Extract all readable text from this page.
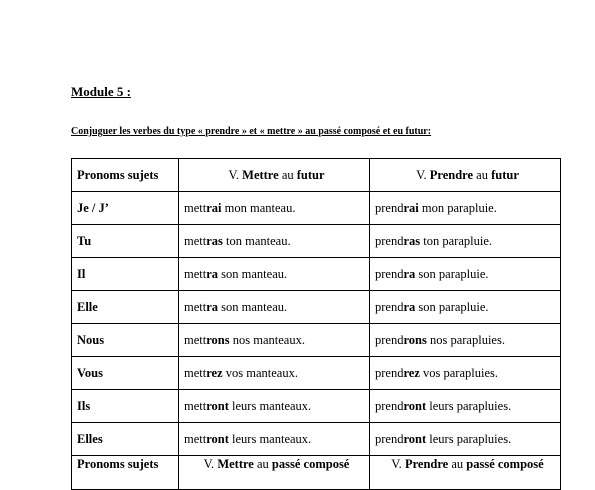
Module 5 :
Conjuguer les verbes du type « prendre » et « mettre » au passé composé et eu futur:
Pronoms sujets	V. Mettre au futur	V. Prendre au futur
Je / J’	mettrai mon manteau.	prendrai mon parapluie.
Tu	mettras ton manteau.	prendras ton parapluie.
Il	mettra son manteau.	prendra son parapluie.
Elle	mettra son manteau.	prendra son parapluie.
Nous	mettrons nos manteaux.	prendrons nos parapluies.
Vous	mettrez vos manteaux.	prendrez vos parapluies.
Ils	mettront leurs manteaux.	prendront leurs parapluies.
Elles	mettront leurs manteaux.	prendront leurs parapluies.
Pronoms sujets	V. Mettre au passé composé	V. Prendre au passé composé
